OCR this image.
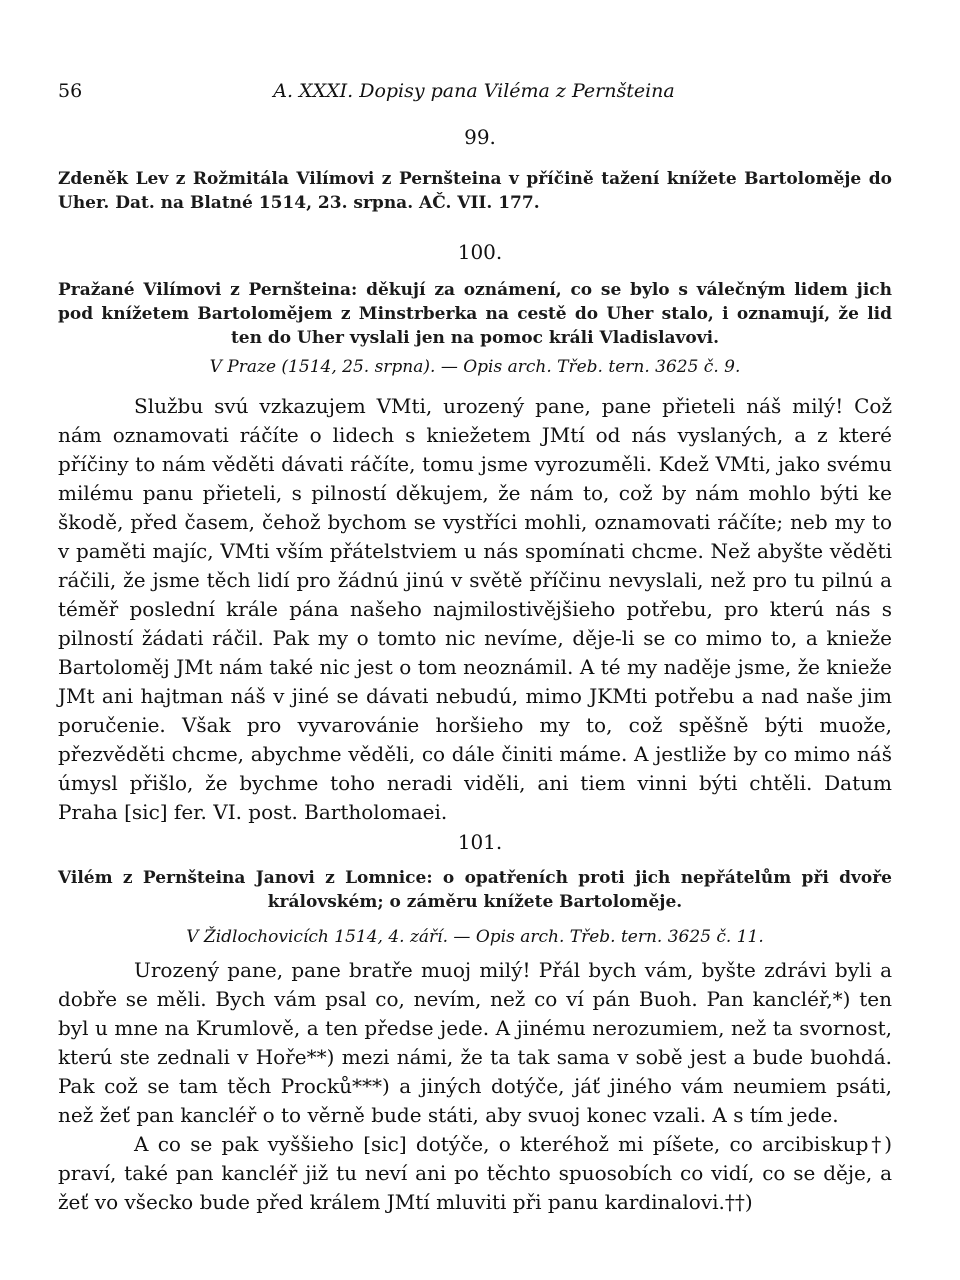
56	A. XXXI. Dopisy pana Viléma z Pernšteina
99.
Zdeněk Lev z Rožmitála Vilímovi z Pernšteina v příčině tažení knížete Bartoloměje do Uher. Dat. na Blatné 1514, 23. srpna. AČ. VII. 177.
100.
Pražané Vilímovi z Pernšteina: děkují za oznámení, co se bylo s válečným lidem jich pod knížetem Bartolomějem z Minstrberka na cestě do Uher stalo, i oznamují, že lid ten do Uher vyslali jen na pomoc králi Vladislavovi.
V Praze (1514, 25. srpna). — Opis arch. Třeb. tern. 3625 č. 9.

Službu svú vzkazujem VMti, urozený pane, pane přieteli náš milý! Což nám oznamovati ráčíte o lidech s kniežetem JMtí od nás vyslaných, a z které příčiny to nám věděti dávati ráčíte, tomu jsme vyrozuměli. Kdež VMti, jako svému milému panu přieteli, s pilností děkujem, že nám to, což by nám mohlo býti ke škodě, před časem, čehož bychom se vystříci mohli, oznamovati ráčíte; neb my to v paměti majíc, VMti vším přátelstviem u nás spomínati chcme. Než abyšte věděti ráčili, že jsme těch lidí pro žádnú jinú v světě příčinu nevyslali, než pro tu pilnú a téměř poslední krále pána našeho najmilostivějšieho potřebu, pro kterú nás s pilností žádati ráčil. Pak my o tomto nic nevíme, děje-li se co mimo to, a knieže Bartoloměj JMt nám také nic jest o tom neoznámil. A té my naděje jsme, že knieže JMt ani hajtman náš v jiné se dávati nebudú, mimo JKMti potřebu a nad naše jim poručenie. Však pro vyvarovánie horšieho my to, což spěšně býti muože, přezvěděti chcme, abychme věděli, co dále činiti máme. A jestliže by co mimo náš úmysl přišlo, že bychme toho neradi viděli, ani tiem vinni býti chtěli. Datum Praha [sic] fer. VI. post. Bartholomaei.

101.
Vilém z Pernšteina Janovi z Lomnice: o opatřeních proti jich nepřátelům při dvoře královském; o záměru knížete Bartoloměje.
V Židlochovicích 1514, 4. září. — Opis arch. Třeb. tern. 3625 č. 11.

Urozený pane, pane bratře muoj milý! Přál bych vám, byšte zdrávi byli a dobře se měli. Bych vám psal co, nevím, než co ví pán Buoh. Pan kancléř,*) ten byl u mne na Krumlově, a ten předse jede. A jinému nerozumiem, než ta svornost, kterú ste zednali v Hoře**) mezi námi, že ta tak sama v sobě jest a bude buohdá. Pak což se tam těch Procků***) a jiných dotýče, jáť jiného vám neumiem psáti, než žeť pan kancléř o to věrně bude státi, aby svuoj konec vzali. A s tím jede.

A co se pak vyššieho [sic] dotýče, o kteréhož mi píšete, co arcibiskup†) praví, také pan kancléř již tu neví ani po těchto spuosobích co vidí, co se děje, a žeť vo všecko bude před králem JMtí mluviti při panu kardinalovi.††)
